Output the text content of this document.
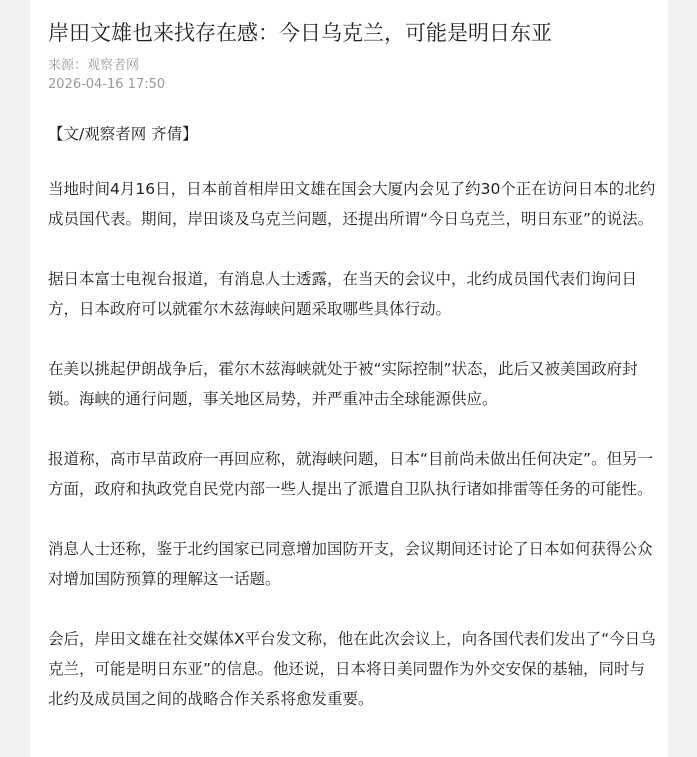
岸田文雄也来找存在感：今日乌克兰，可能是明日东亚
来源：观察者网
2026-04-16 17:50

【文/观察者网 齐倩】

当地时间4月16日，日本前首相岸田文雄在国会大厦内会见了约30个正在访问日本的北约成员国代表。期间，岸田谈及乌克兰问题，还提出所谓“今日乌克兰，明日东亚”的说法。

据日本富士电视台报道，有消息人士透露，在当天的会议中，北约成员国代表们询问日方，日本政府可以就霍尔木兹海峡问题采取哪些具体行动。

在美以挑起伊朗战争后，霍尔木兹海峡就处于被“实际控制”状态，此后又被美国政府封锁。海峡的通行问题，事关地区局势，并严重冲击全球能源供应。

报道称，高市早苗政府一再回应称，就海峡问题，日本“目前尚未做出任何决定”。但另一方面，政府和执政党自民党内部一些人提出了派遣自卫队执行诸如排雷等任务的可能性。

消息人士还称，鉴于北约国家已同意增加国防开支，会议期间还讨论了日本如何获得公众对增加国防预算的理解这一话题。

会后，岸田文雄在社交媒体X平台发文称，他在此次会议上，向各国代表们发出了“今日乌克兰，可能是明日东亚”的信息。他还说，日本将日美同盟作为外交安保的基轴，同时与北约及成员国之间的战略合作关系将愈发重要。
